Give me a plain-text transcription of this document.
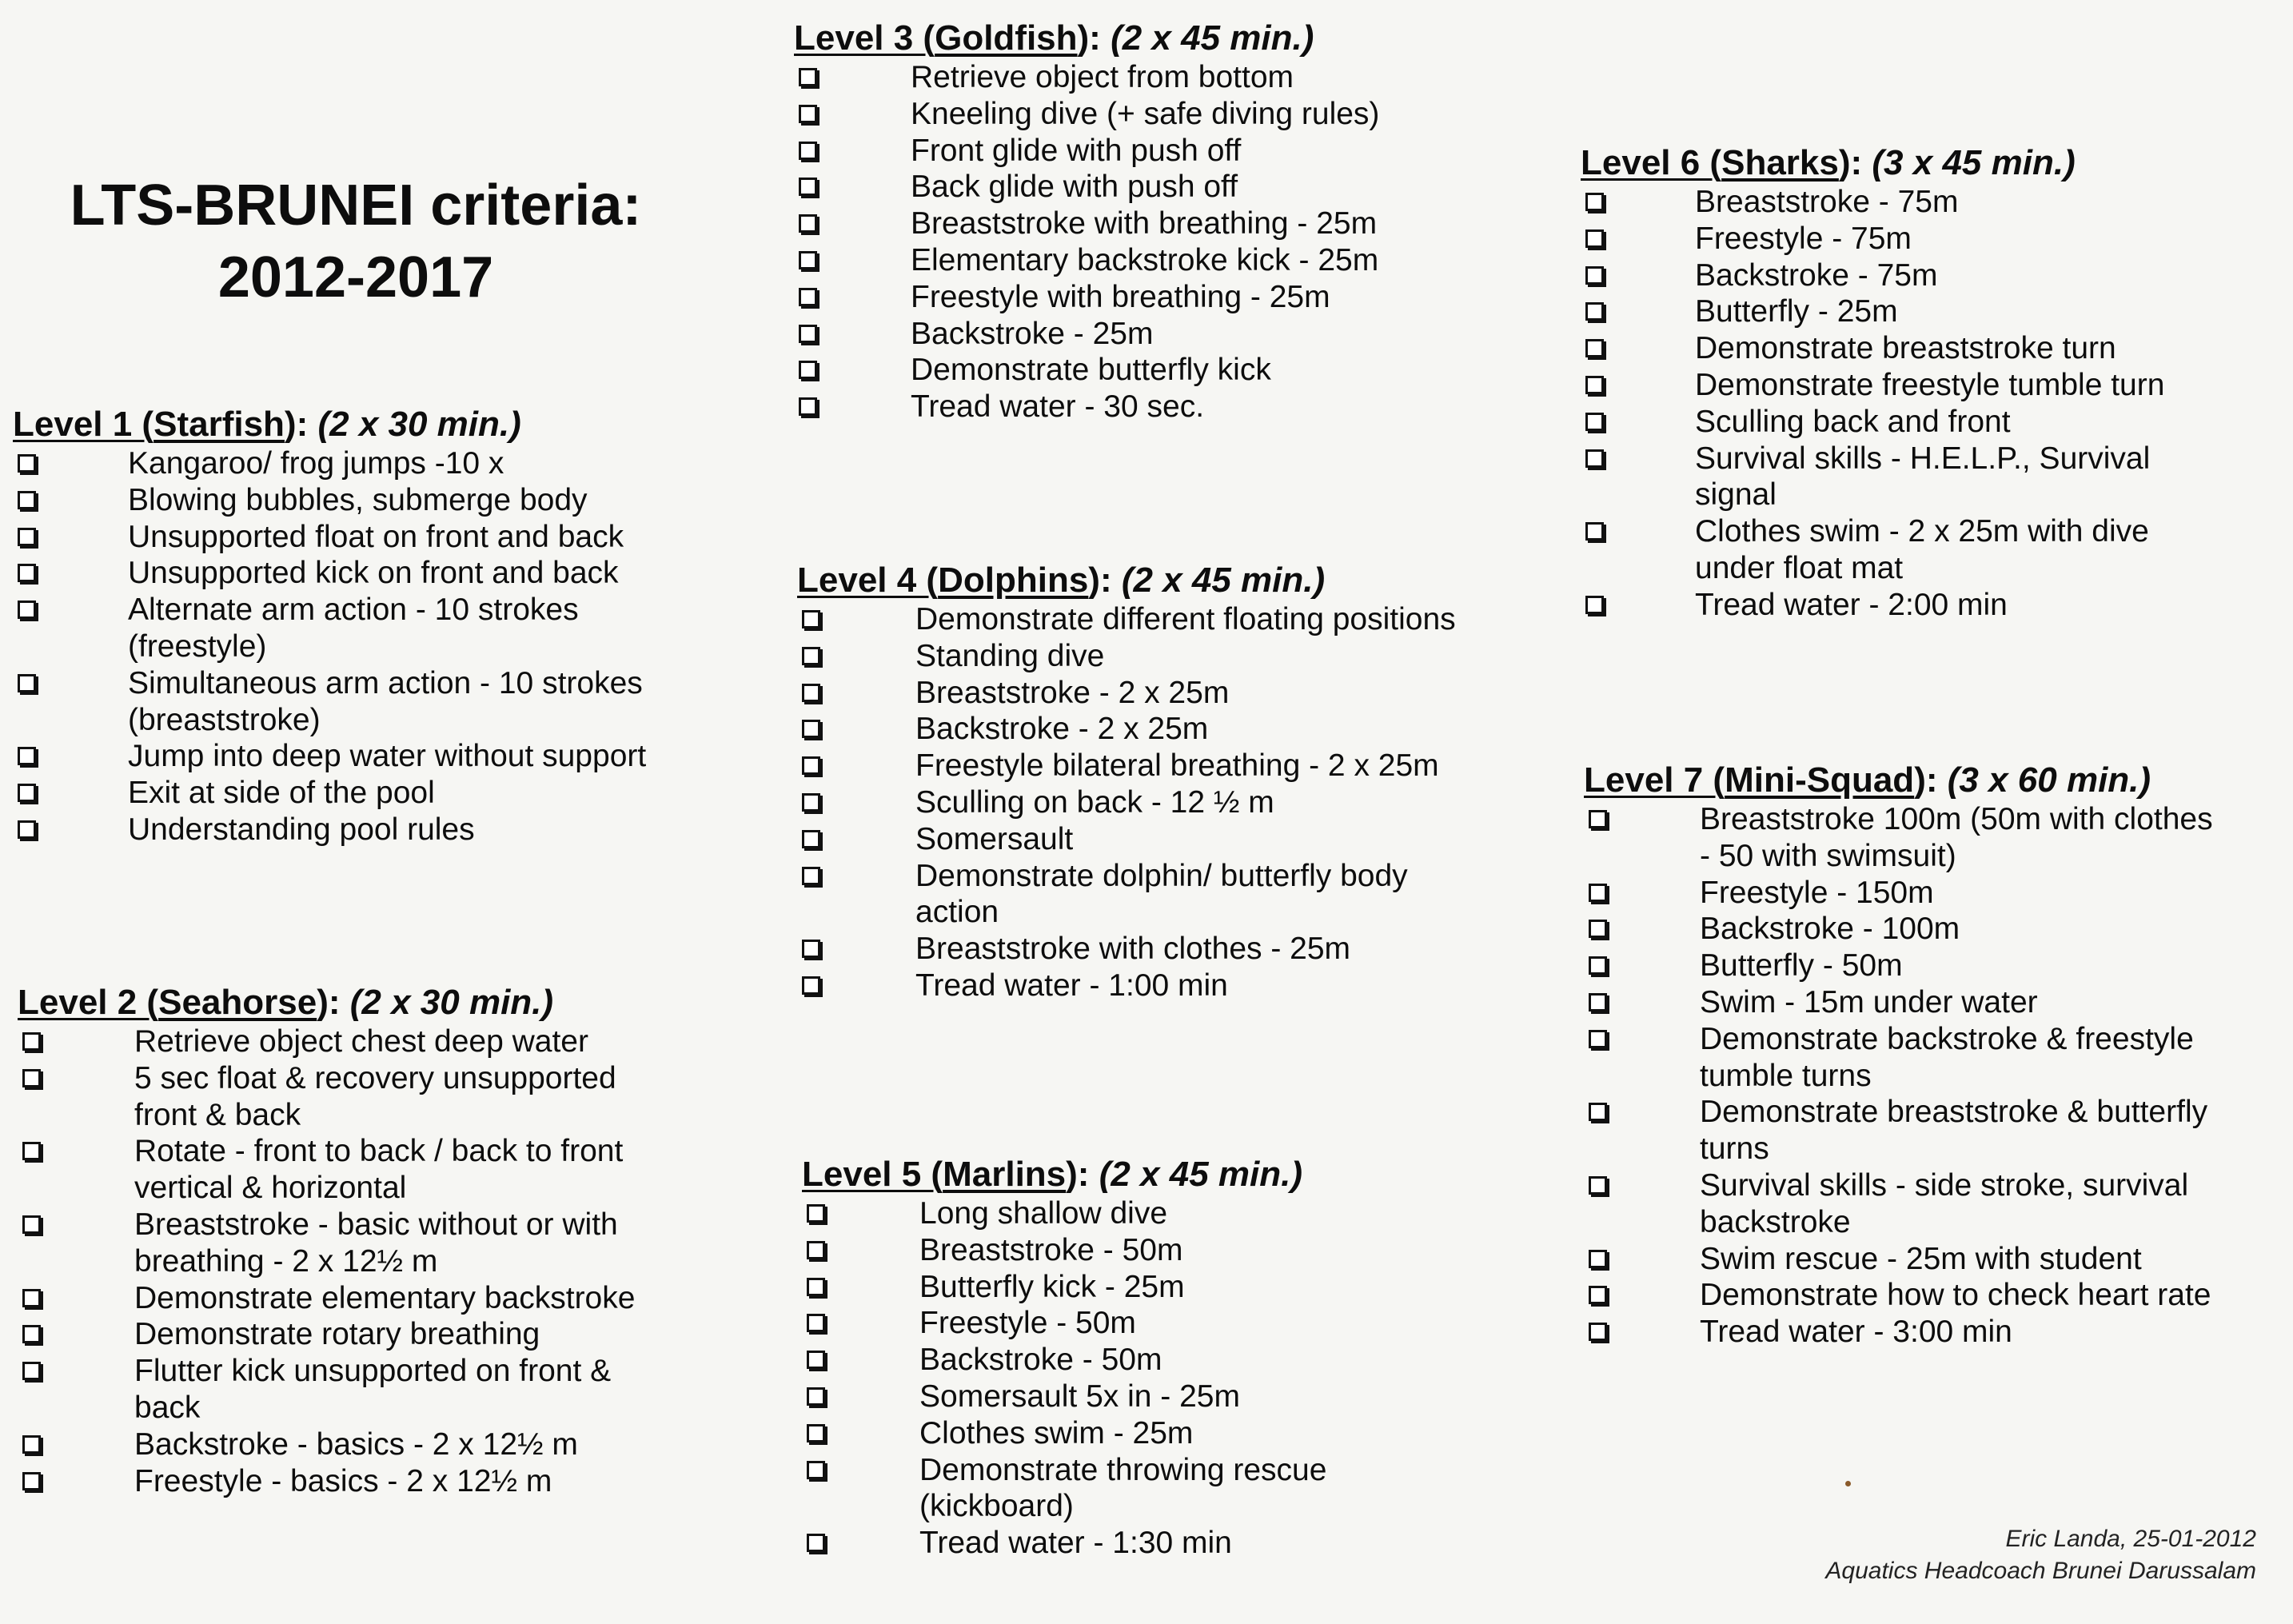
LTS-BRUNEI criteria:
2012-2017
Level 1 (Starfish): (2 x 30 min.)
Kangaroo/ frog jumps -10 x
Blowing bubbles, submerge body
Unsupported float on front and back
Unsupported kick on front and back
Alternate arm action - 10 strokes
(freestyle)
Simultaneous arm action - 10 strokes
(breaststroke)
Jump into deep water without support
Exit at side of the pool
Understanding pool rules
Level 2 (Seahorse): (2 x 30 min.)
Retrieve object chest deep water
5 sec float & recovery unsupported
front & back
Rotate - front to back / back to front
vertical & horizontal
Breaststroke - basic without or with
breathing - 2 x 12½ m
Demonstrate elementary backstroke
Demonstrate rotary breathing
Flutter kick unsupported on front &
back
Backstroke - basics - 2 x 12½ m
Freestyle - basics - 2 x 12½ m
Level 3 (Goldfish): (2 x 45 min.)
Retrieve object from bottom
Kneeling dive (+ safe diving rules)
Front glide with push off
Back glide with push off
Breaststroke with breathing - 25m
Elementary backstroke kick - 25m
Freestyle with breathing - 25m
Backstroke - 25m
Demonstrate butterfly kick
Tread water - 30 sec.
Level 4 (Dolphins): (2 x 45 min.)
Demonstrate different floating positions
Standing dive
Breaststroke - 2 x 25m
Backstroke - 2 x 25m
Freestyle bilateral breathing - 2 x 25m
Sculling on back - 12 ½ m
Somersault
Demonstrate dolphin/ butterfly body
action
Breaststroke with clothes - 25m
Tread water - 1:00 min
Level 5 (Marlins): (2 x 45 min.)
Long shallow dive
Breaststroke - 50m
Butterfly kick - 25m
Freestyle - 50m
Backstroke - 50m
Somersault 5x in - 25m
Clothes swim - 25m
Demonstrate throwing rescue
(kickboard)
Tread water - 1:30 min
Level 6 (Sharks): (3 x 45 min.)
Breaststroke - 75m
Freestyle - 75m
Backstroke - 75m
Butterfly - 25m
Demonstrate breaststroke turn
Demonstrate freestyle tumble turn
Sculling back and front
Survival skills - H.E.L.P., Survival
signal
Clothes swim - 2 x 25m with dive
under float mat
Tread water - 2:00 min
Level 7 (Mini-Squad): (3 x 60 min.)
Breaststroke 100m (50m with clothes
- 50 with swimsuit)
Freestyle - 150m
Backstroke - 100m
Butterfly - 50m
Swim - 15m under water
Demonstrate backstroke & freestyle
tumble turns
Demonstrate breaststroke & butterfly
turns
Survival skills - side stroke, survival
backstroke
Swim rescue - 25m with student
Demonstrate how to check heart rate
Tread water - 3:00 min
Eric Landa, 25-01-2012
Aquatics Headcoach Brunei Darussalam
